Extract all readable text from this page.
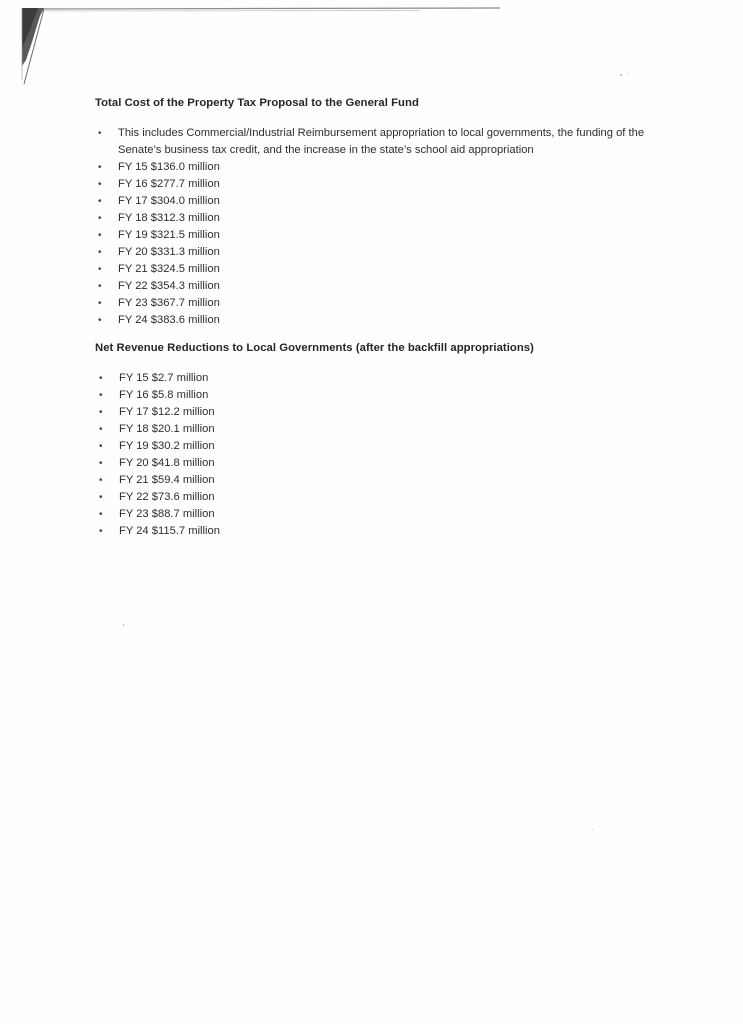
Total Cost of the Property Tax Proposal to the General Fund
• This includes Commercial/Industrial Reimbursement appropriation to local governments, the funding of the Senate’s business tax credit, and the increase in the state’s school aid appropriation
• FY 15 $136.0 million
• FY 16 $277.7 million
• FY 17 $304.0 million
• FY 18 $312.3 million
• FY 19 $321.5 million
• FY 20 $331.3 million
• FY 21 $324.5 million
• FY 22 $354.3 million
• FY 23 $367.7 million
• FY 24 $383.6 million
Net Revenue Reductions to Local Governments (after the backfill appropriations)
• FY 15 $2.7 million
• FY 16 $5.8 million
• FY 17 $12.2 million
• FY 18 $20.1 million
• FY 19 $30.2 million
• FY 20 $41.8 million
• FY 21 $59.4 million
• FY 22 $73.6 million
• FY 23 $88.7 million
• FY 24 $115.7 million
